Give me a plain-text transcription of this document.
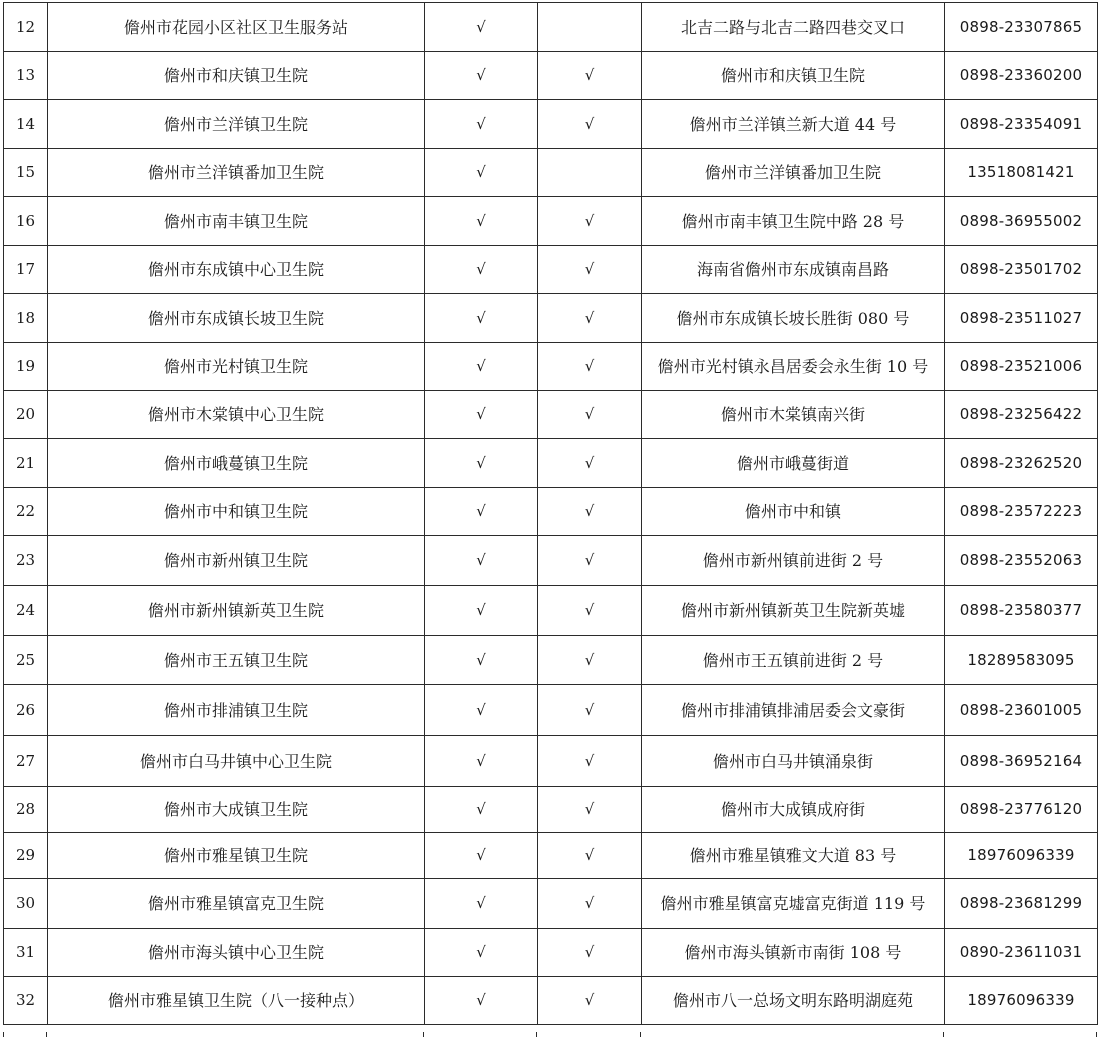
12	儋州市花园小区社区卫生服务站	√		北吉二路与北吉二路四巷交叉口	0898-23307865
13	儋州市和庆镇卫生院	√	√	儋州市和庆镇卫生院	0898-23360200
14	儋州市兰洋镇卫生院	√	√	儋州市兰洋镇兰新大道 44 号	0898-23354091
15	儋州市兰洋镇番加卫生院	√		儋州市兰洋镇番加卫生院	13518081421
16	儋州市南丰镇卫生院	√	√	儋州市南丰镇卫生院中路 28 号	0898-36955002
17	儋州市东成镇中心卫生院	√	√	海南省儋州市东成镇南昌路	0898-23501702
18	儋州市东成镇长坡卫生院	√	√	儋州市东成镇长坡长胜街 080 号	0898-23511027
19	儋州市光村镇卫生院	√	√	儋州市光村镇永昌居委会永生街 10 号	0898-23521006
20	儋州市木棠镇中心卫生院	√	√	儋州市木棠镇南兴街	0898-23256422
21	儋州市峨蔓镇卫生院	√	√	儋州市峨蔓街道	0898-23262520
22	儋州市中和镇卫生院	√	√	儋州市中和镇	0898-23572223
23	儋州市新州镇卫生院	√	√	儋州市新州镇前进街 2 号	0898-23552063
24	儋州市新州镇新英卫生院	√	√	儋州市新州镇新英卫生院新英墟	0898-23580377
25	儋州市王五镇卫生院	√	√	儋州市王五镇前进街 2 号	18289583095
26	儋州市排浦镇卫生院	√	√	儋州市排浦镇排浦居委会文豪街	0898-23601005
27	儋州市白马井镇中心卫生院	√	√	儋州市白马井镇涌泉街	0898-36952164
28	儋州市大成镇卫生院	√	√	儋州市大成镇成府街	0898-23776120
29	儋州市雅星镇卫生院	√	√	儋州市雅星镇雅文大道 83 号	18976096339
30	儋州市雅星镇富克卫生院	√	√	儋州市雅星镇富克墟富克街道 119 号	0898-23681299
31	儋州市海头镇中心卫生院	√	√	儋州市海头镇新市南街 108 号	0890-23611031
32	儋州市雅星镇卫生院（八一接种点）	√	√	儋州市八一总场文明东路明湖庭苑	18976096339
